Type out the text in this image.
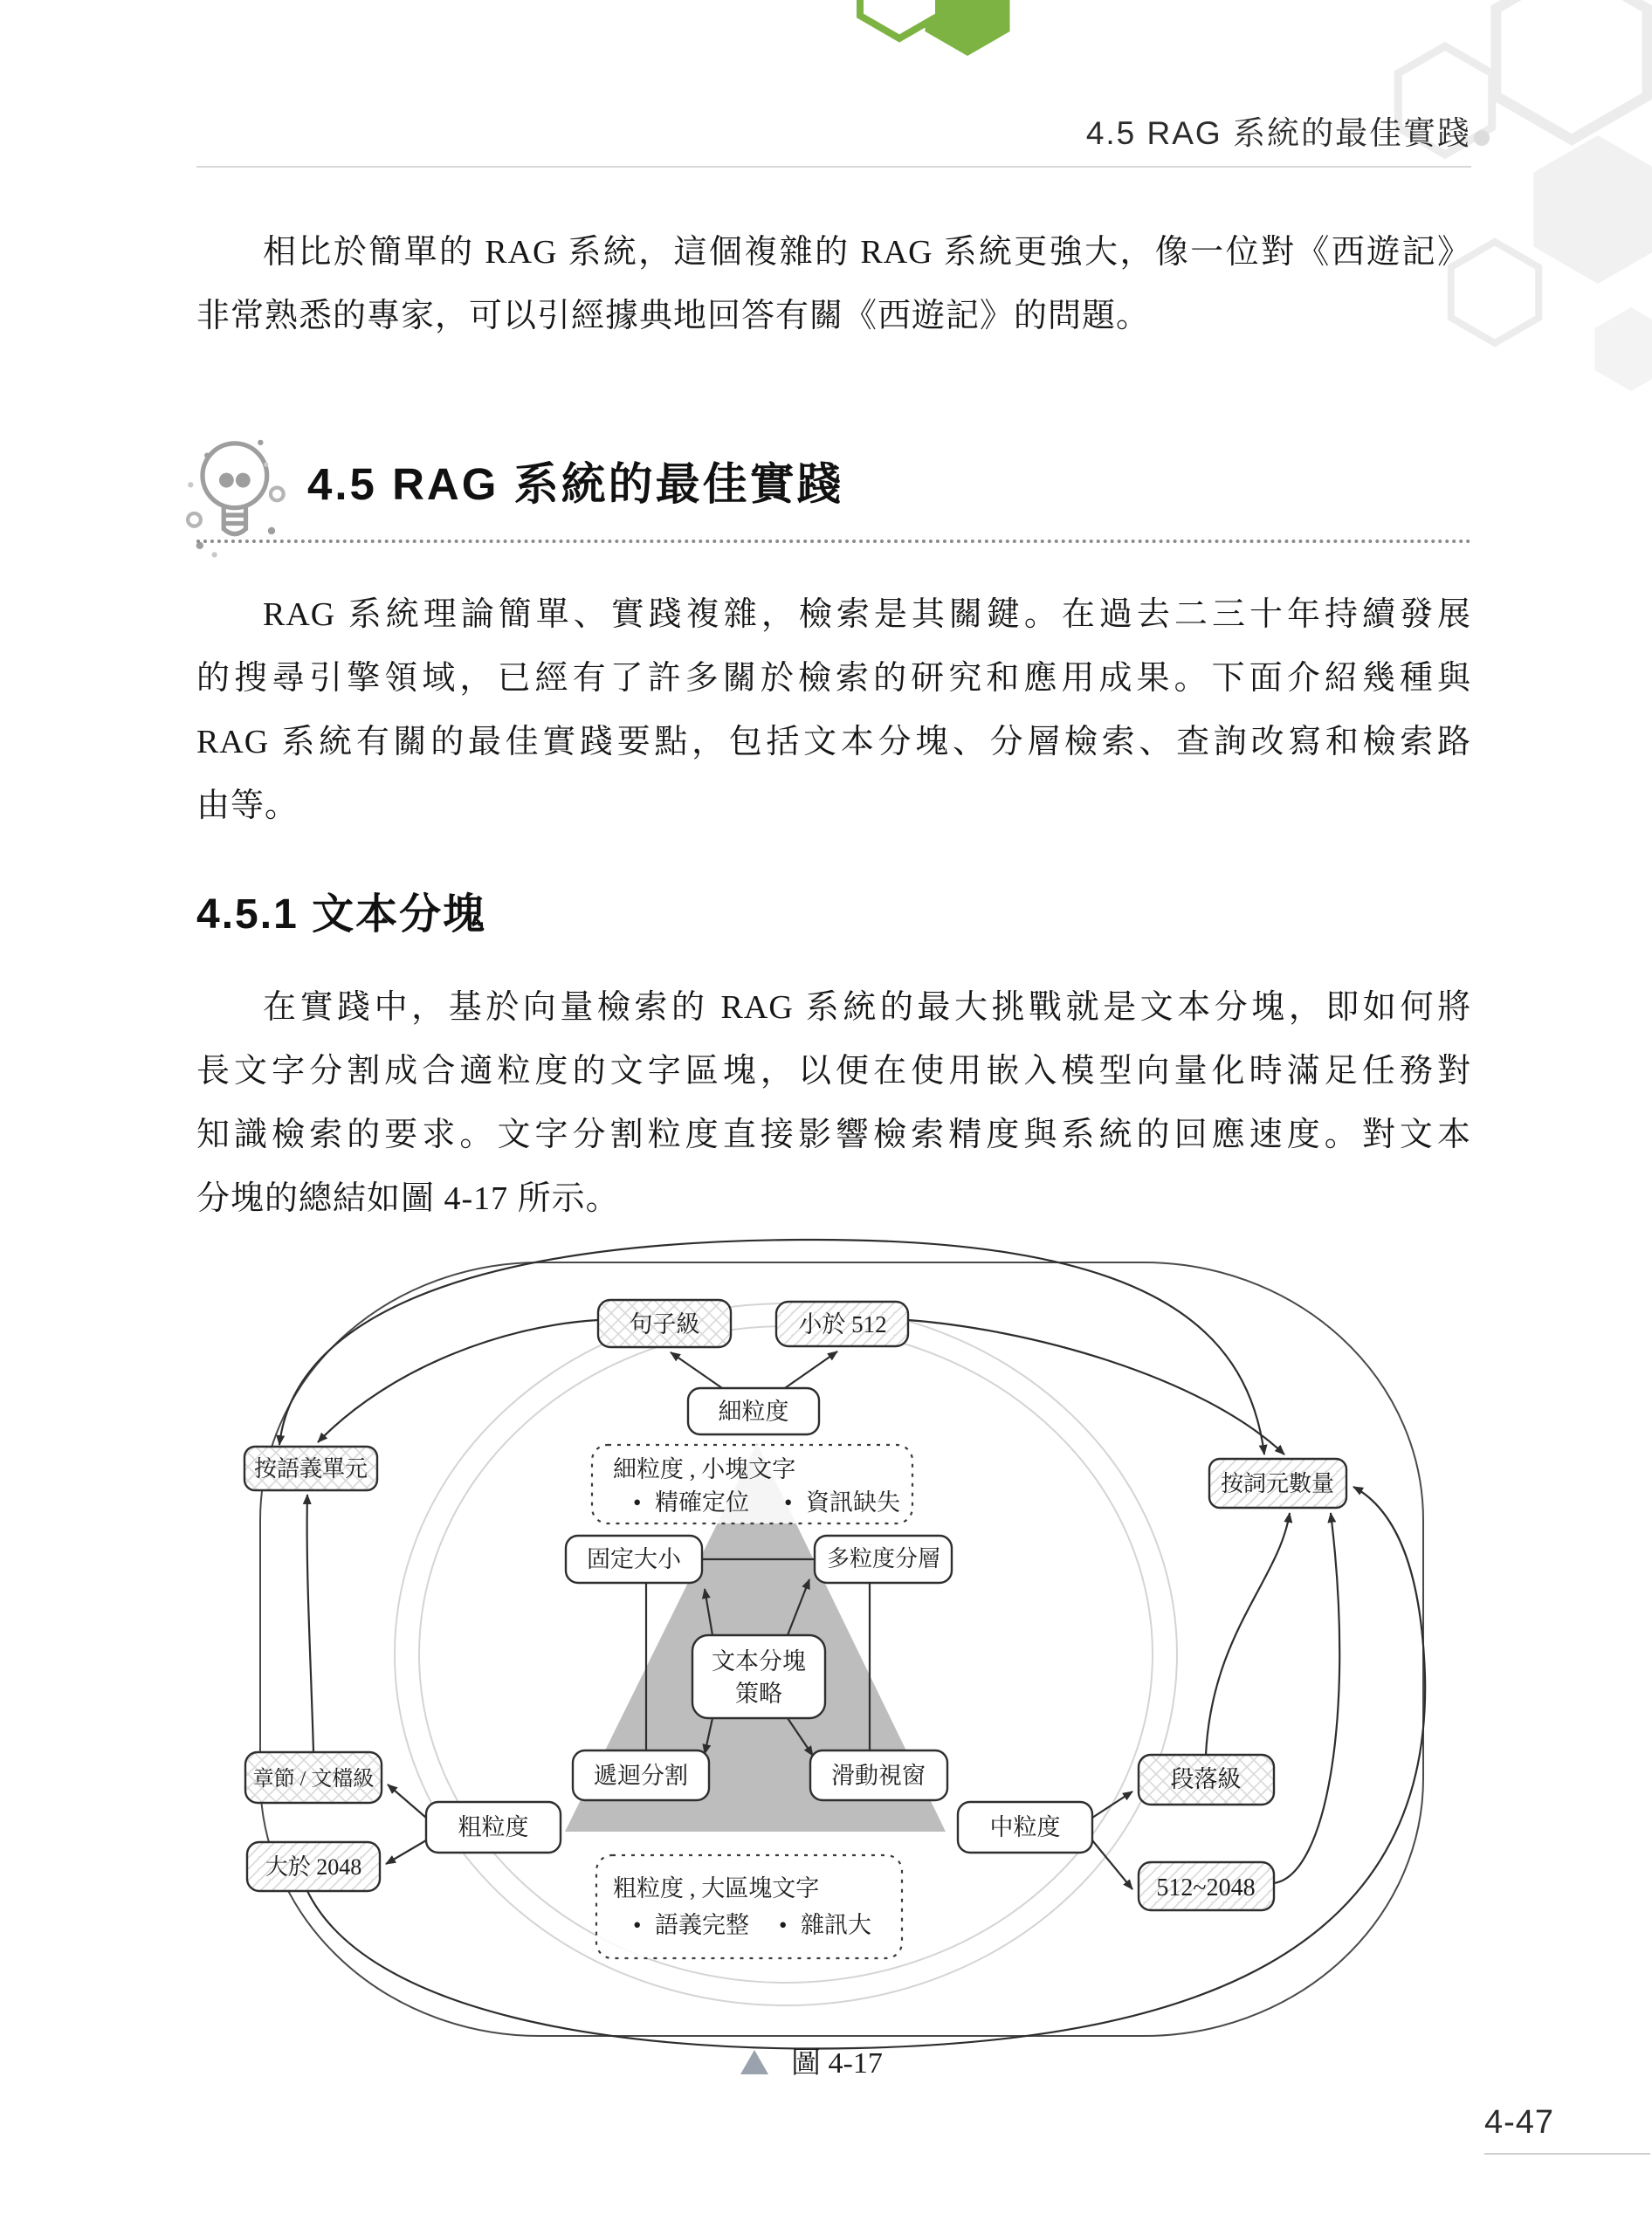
4.5 RAG 系統的最佳實踐
相比於簡單的 RAG 系統，這個複雜的 RAG 系統更強大，像一位對《西遊記》
非常熟悉的專家，可以引經據典地回答有關《西遊記》的問題。
4.5 RAG 系統的最佳實踐
RAG 系統理論簡單、實踐複雜，檢索是其關鍵。在過去二三十年持續發展
的搜尋引擎領域，已經有了許多關於檢索的研究和應用成果。下面介紹幾種與
RAG 系統有關的最佳實踐要點，包括文本分塊、分層檢索、查詢改寫和檢索路
由等。
4.5.1 文本分塊
在實踐中，基於向量檢索的 RAG 系統的最大挑戰就是文本分塊，即如何將
長文字分割成合適粒度的文字區塊，以便在使用嵌入模型向量化時滿足任務對
知識檢索的要求。文字分割粒度直接影響檢索精度與系統的回應速度。對文本
分塊的總結如圖 4-17 所示。
句子級	小於 512
細粒度
固定大小	多粒度分層
文本分塊
策略
遞迴分割	滑動視窗
按語義單元
按詞元數量
章節 / 文檔級
粗粒度
大於 2048
中粒度
段落級
512~2048
細粒度 , 小塊文字
• 精確定位 • 資訊缺失
粗粒度 , 大區塊文字
• 語義完整 • 雜訊大
圖 4-17
4-47
